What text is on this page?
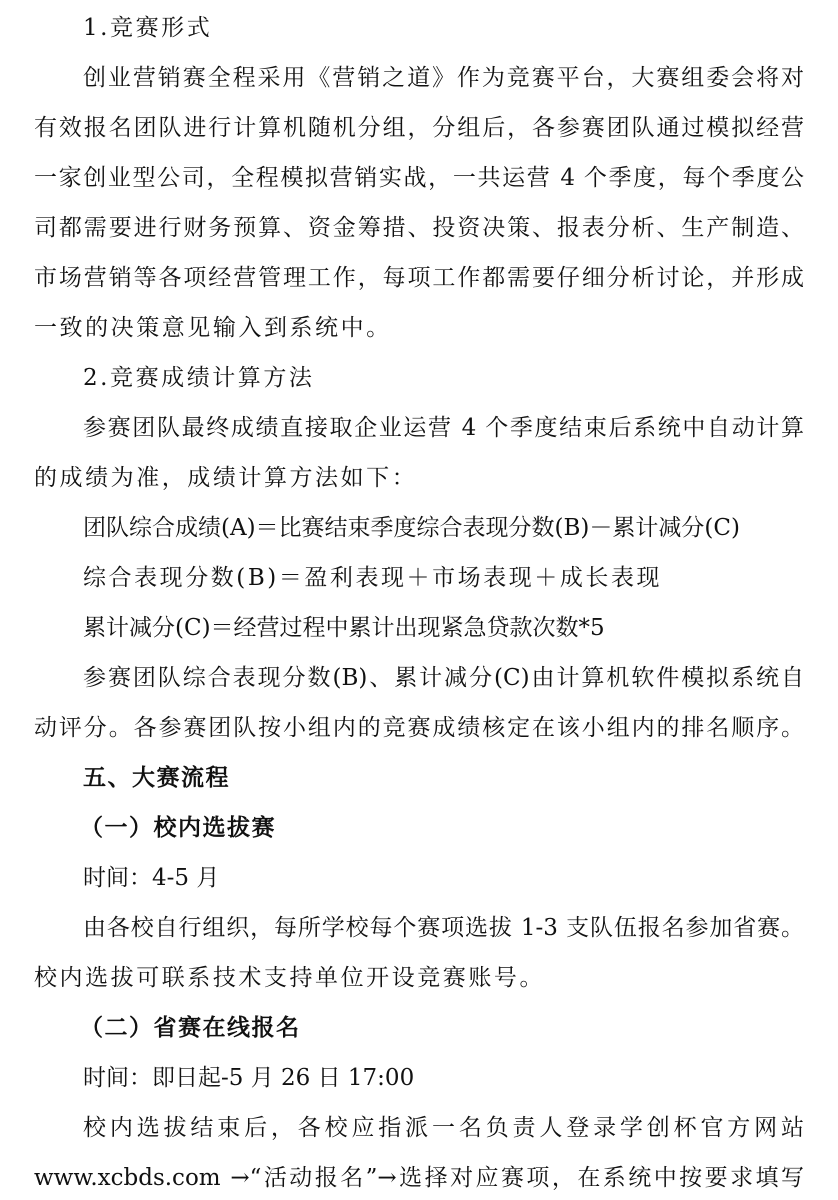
1.竞赛形式
创业营销赛全程采用《营销之道》作为竞赛平台，大赛组委会将对
有效报名团队进行计算机随机分组，分组后，各参赛团队通过模拟经营
一家创业型公司，全程模拟营销实战，一共运营 4 个季度，每个季度公
司都需要进行财务预算、资金筹措、投资决策、报表分析、生产制造、
市场营销等各项经营管理工作，每项工作都需要仔细分析讨论，并形成
一致的决策意见输入到系统中。
2.竞赛成绩计算方法
参赛团队最终成绩直接取企业运营 4 个季度结束后系统中自动计算
的成绩为准，成绩计算方法如下：
团队综合成绩(A)＝比赛结束季度综合表现分数(B)－累计减分(C)
综合表现分数(B)＝盈利表现＋市场表现＋成长表现
累计减分(C)＝经营过程中累计出现紧急贷款次数*5
参赛团队综合表现分数(B)、累计减分(C)由计算机软件模拟系统自
动评分。各参赛团队按小组内的竞赛成绩核定在该小组内的排名顺序。
五、大赛流程
（一）校内选拔赛
时间：4-5 月
由各校自行组织，每所学校每个赛项选拔 1-3 支队伍报名参加省赛。
校内选拔可联系技术支持单位开设竞赛账号。
（二）省赛在线报名
时间：即日起-5 月 26 日 17:00
校内选拔结束后，各校应指派一名负责人登录学创杯官方网站
www.xcbds.com →“活动报名”→选择对应赛项，在系统中按要求填写
